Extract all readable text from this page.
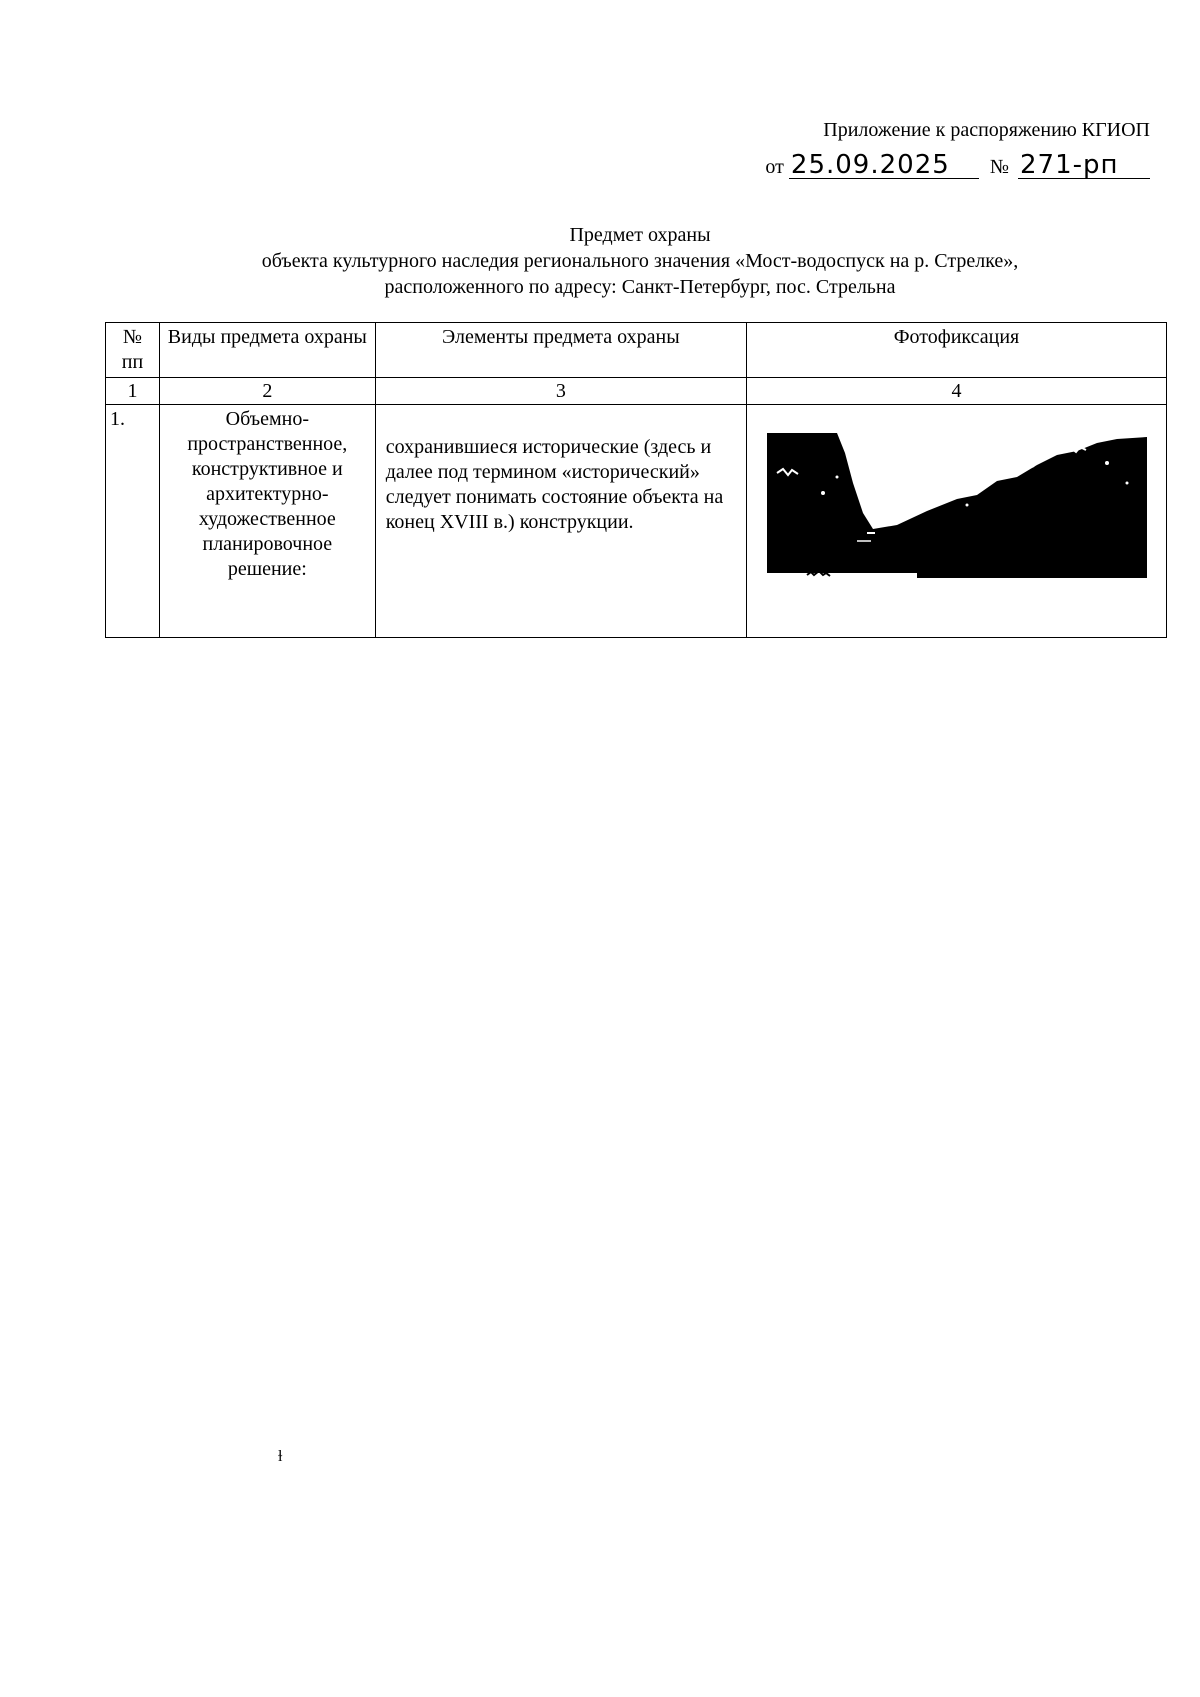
Приложение к распоряжению КГИОП
от 25.09.2025 № 271-рп
Предмет охраны
объекта культурного наследия регионального значения «Мост-водоспуск на р. Стрелке»,
расположенного по адресу: Санкт-Петербург, пос. Стрельна
№ пп	Виды предмета охраны	Элементы предмета охраны	Фотофиксация
1	2	3	4
1.	Объемно-пространственное, конструктивное и архитектурно-художественное планировочное решение:	сохранившиеся исторические (здесь и далее под термином «исторический» следует понимать состояние объекта на конец XVIII в.) конструкции.	
ɫ
